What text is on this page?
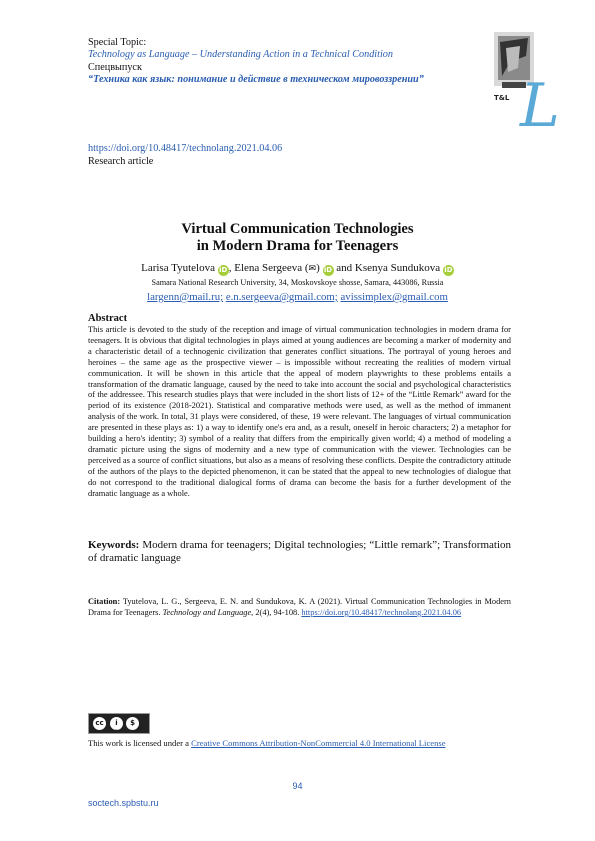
Special Topic:
Technology as Language – Understanding Action in a Technical Condition
Спецвыпуск
“Техника как язык: понимание и действие в техническом мировоззрении”	L
T&L
https://doi.org/10.48417/technolang.2021.04.06
Research article
Virtual Communication Technologies
in Modern Drama for Teenagers
Larisa Tyutelova iD, Elena Sergeeva (✉) iD and Ksenya Sundukova iD
Samara National Research University, 34, Moskovskoye shosse, Samara, 443086, Russia
largenn@mail.ru; e.n.sergeeva@gmail.com; avissimplex@gmail.com
Abstract
This article is devoted to the study of the reception and image of virtual communication technologies in modern drama for teenagers. It is obvious that digital technologies in plays aimed at young audiences are becoming a marker of modernity and a characteristic detail of a technogenic civilization that generates conflict situations. The portrayal of young heroes and heroines – the same age as the prospective viewer – is impossible without recreating the realities of modern virtual communication. It will be shown in this article that the appeal of modern playwrights to these problems entails a transformation of the dramatic language, caused by the need to take into account the social and psychological characteristics of the addressee. This research studies plays that were included in the short lists of 12+ of the “Little Remark” award for the period of its existence (2018-2021). Statistical and comparative methods were used, as well as the method of immanent analysis of the work. In total, 31 plays were considered, of these, 19 were relevant. The languages of virtual communication are presented in these plays as: 1) a way to identify one's era and, as a result, oneself in heroic characters; 2) a metaphor for building a hero's identity; 3) symbol of a reality that differs from the empirically given world; 4) a method of modeling a dramatic picture using the signs of modernity and a new type of communication with the viewer. Technologies can be perceived as a source of conflict situations, but also as a means of resolving these conflicts. Despite the contradictory attitude of the authors of the plays to the depicted phenomenon, it can be stated that the appeal to new technologies of dialogue that do not correspond to the traditional dialogical forms of drama can become the basis for a further development of the dramatic language as a whole.
Keywords: Modern drama for teenagers; Digital technologies; “Little remark”; Transformation of dramatic language
Citation: Tyutelova, L. G., Sergeeva, E. N. and Sundukova, K. A (2021). Virtual Communication Technologies in Modern Drama for Teenagers. Technology and Language, 2(4), 94-108. https://doi.org/10.48417/technolang.2021.04.06
cc	i	$
BY NC
This work is licensed under a Creative Commons Attribution-NonCommercial 4.0 International License
94
soctech.spbstu.ru
